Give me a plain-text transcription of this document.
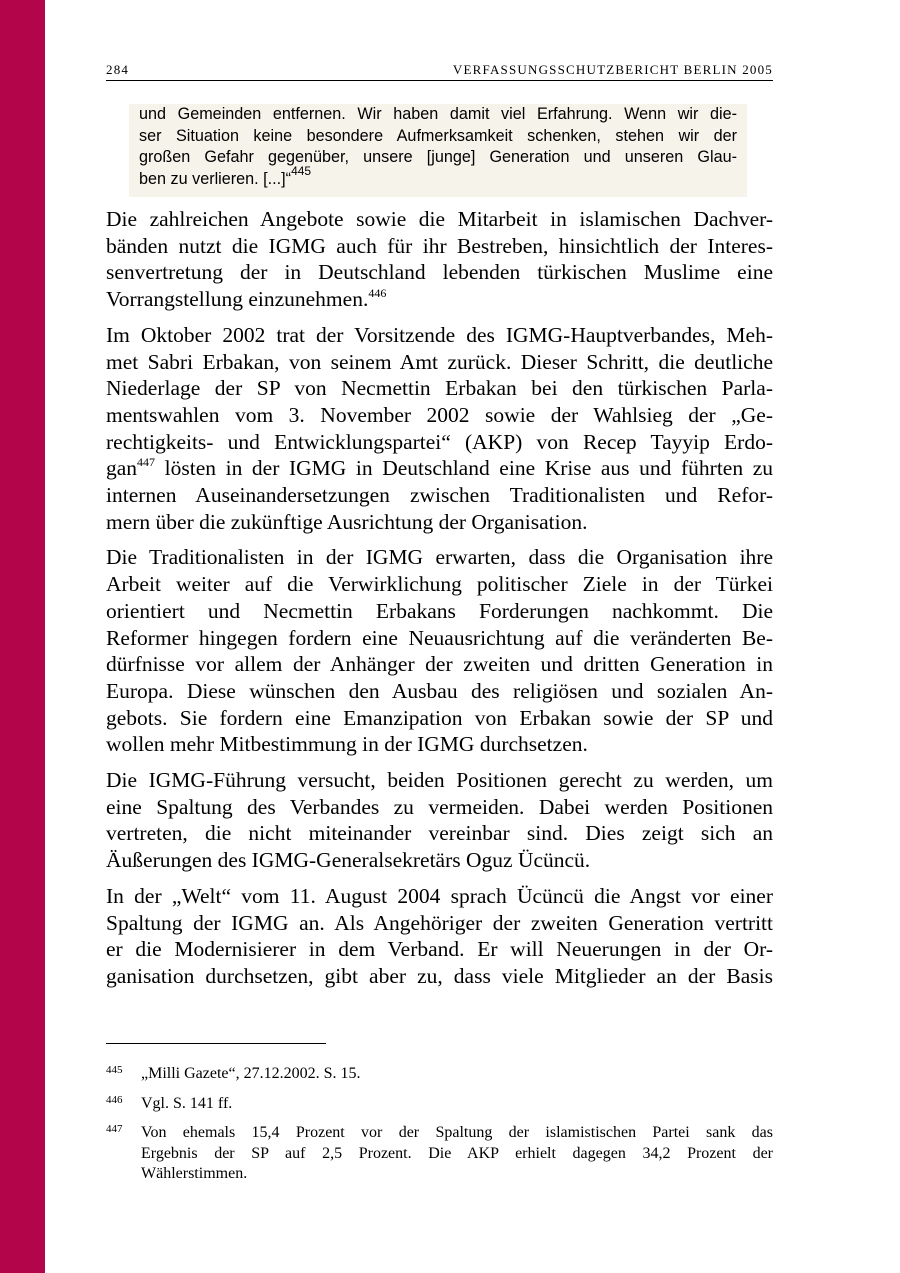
284	VERFASSUNGSSCHUTZBERICHT BERLIN 2005
und Gemeinden entfernen. Wir haben damit viel Erfahrung. Wenn wir die-
ser Situation keine besondere Aufmerksamkeit schenken, stehen wir der
großen Gefahr gegenüber, unsere [junge] Generation und unseren Glau-
ben zu verlieren. [...]“$^{445}$
Die zahlreichen Angebote sowie die Mitarbeit in islamischen Dachver-
bänden nutzt die IGMG auch für ihr Bestreben, hinsichtlich der Interes-
senvertretung der in Deutschland lebenden türkischen Muslime eine
Vorrangstellung einzunehmen.$^{446}$
Im Oktober 2002 trat der Vorsitzende des IGMG-Hauptverbandes, Meh-
met Sabri Erbakan, von seinem Amt zurück. Dieser Schritt, die deutliche
Niederlage der SP von Necmettin Erbakan bei den türkischen Parla-
mentswahlen vom 3. November 2002 sowie der Wahlsieg der „Ge-
rechtigkeits- und Entwicklungspartei“ (AKP) von Recep Tayyip Erdo-
gan$^{447}$ lösten in der IGMG in Deutschland eine Krise aus und führten zu
internen Auseinandersetzungen zwischen Traditionalisten und Refor-
mern über die zukünftige Ausrichtung der Organisation.
Die Traditionalisten in der IGMG erwarten, dass die Organisation ihre
Arbeit weiter auf die Verwirklichung politischer Ziele in der Türkei
orientiert und Necmettin Erbakans Forderungen nachkommt. Die
Reformer hingegen fordern eine Neuausrichtung auf die veränderten Be-
dürfnisse vor allem der Anhänger der zweiten und dritten Generation in
Europa. Diese wünschen den Ausbau des religiösen und sozialen An-
gebots. Sie fordern eine Emanzipation von Erbakan sowie der SP und
wollen mehr Mitbestimmung in der IGMG durchsetzen.
Die IGMG-Führung versucht, beiden Positionen gerecht zu werden, um
eine Spaltung des Verbandes zu vermeiden. Dabei werden Positionen
vertreten, die nicht miteinander vereinbar sind. Dies zeigt sich an
Äußerungen des IGMG-Generalsekretärs Oguz Ücüncü.
In der „Welt“ vom 11. August 2004 sprach Ücüncü die Angst vor einer
Spaltung der IGMG an. Als Angehöriger der zweiten Generation vertritt
er die Modernisierer in dem Verband. Er will Neuerungen in der Or-
ganisation durchsetzen, gibt aber zu, dass viele Mitglieder an der Basis
445 „Milli Gazete“, 27.12.2002. S. 15.
446 Vgl. S. 141 ff.
447 Von ehemals 15,4 Prozent vor der Spaltung der islamistischen Partei sank das
Ergebnis der SP auf 2,5 Prozent. Die AKP erhielt dagegen 34,2 Prozent der
Wählerstimmen.
